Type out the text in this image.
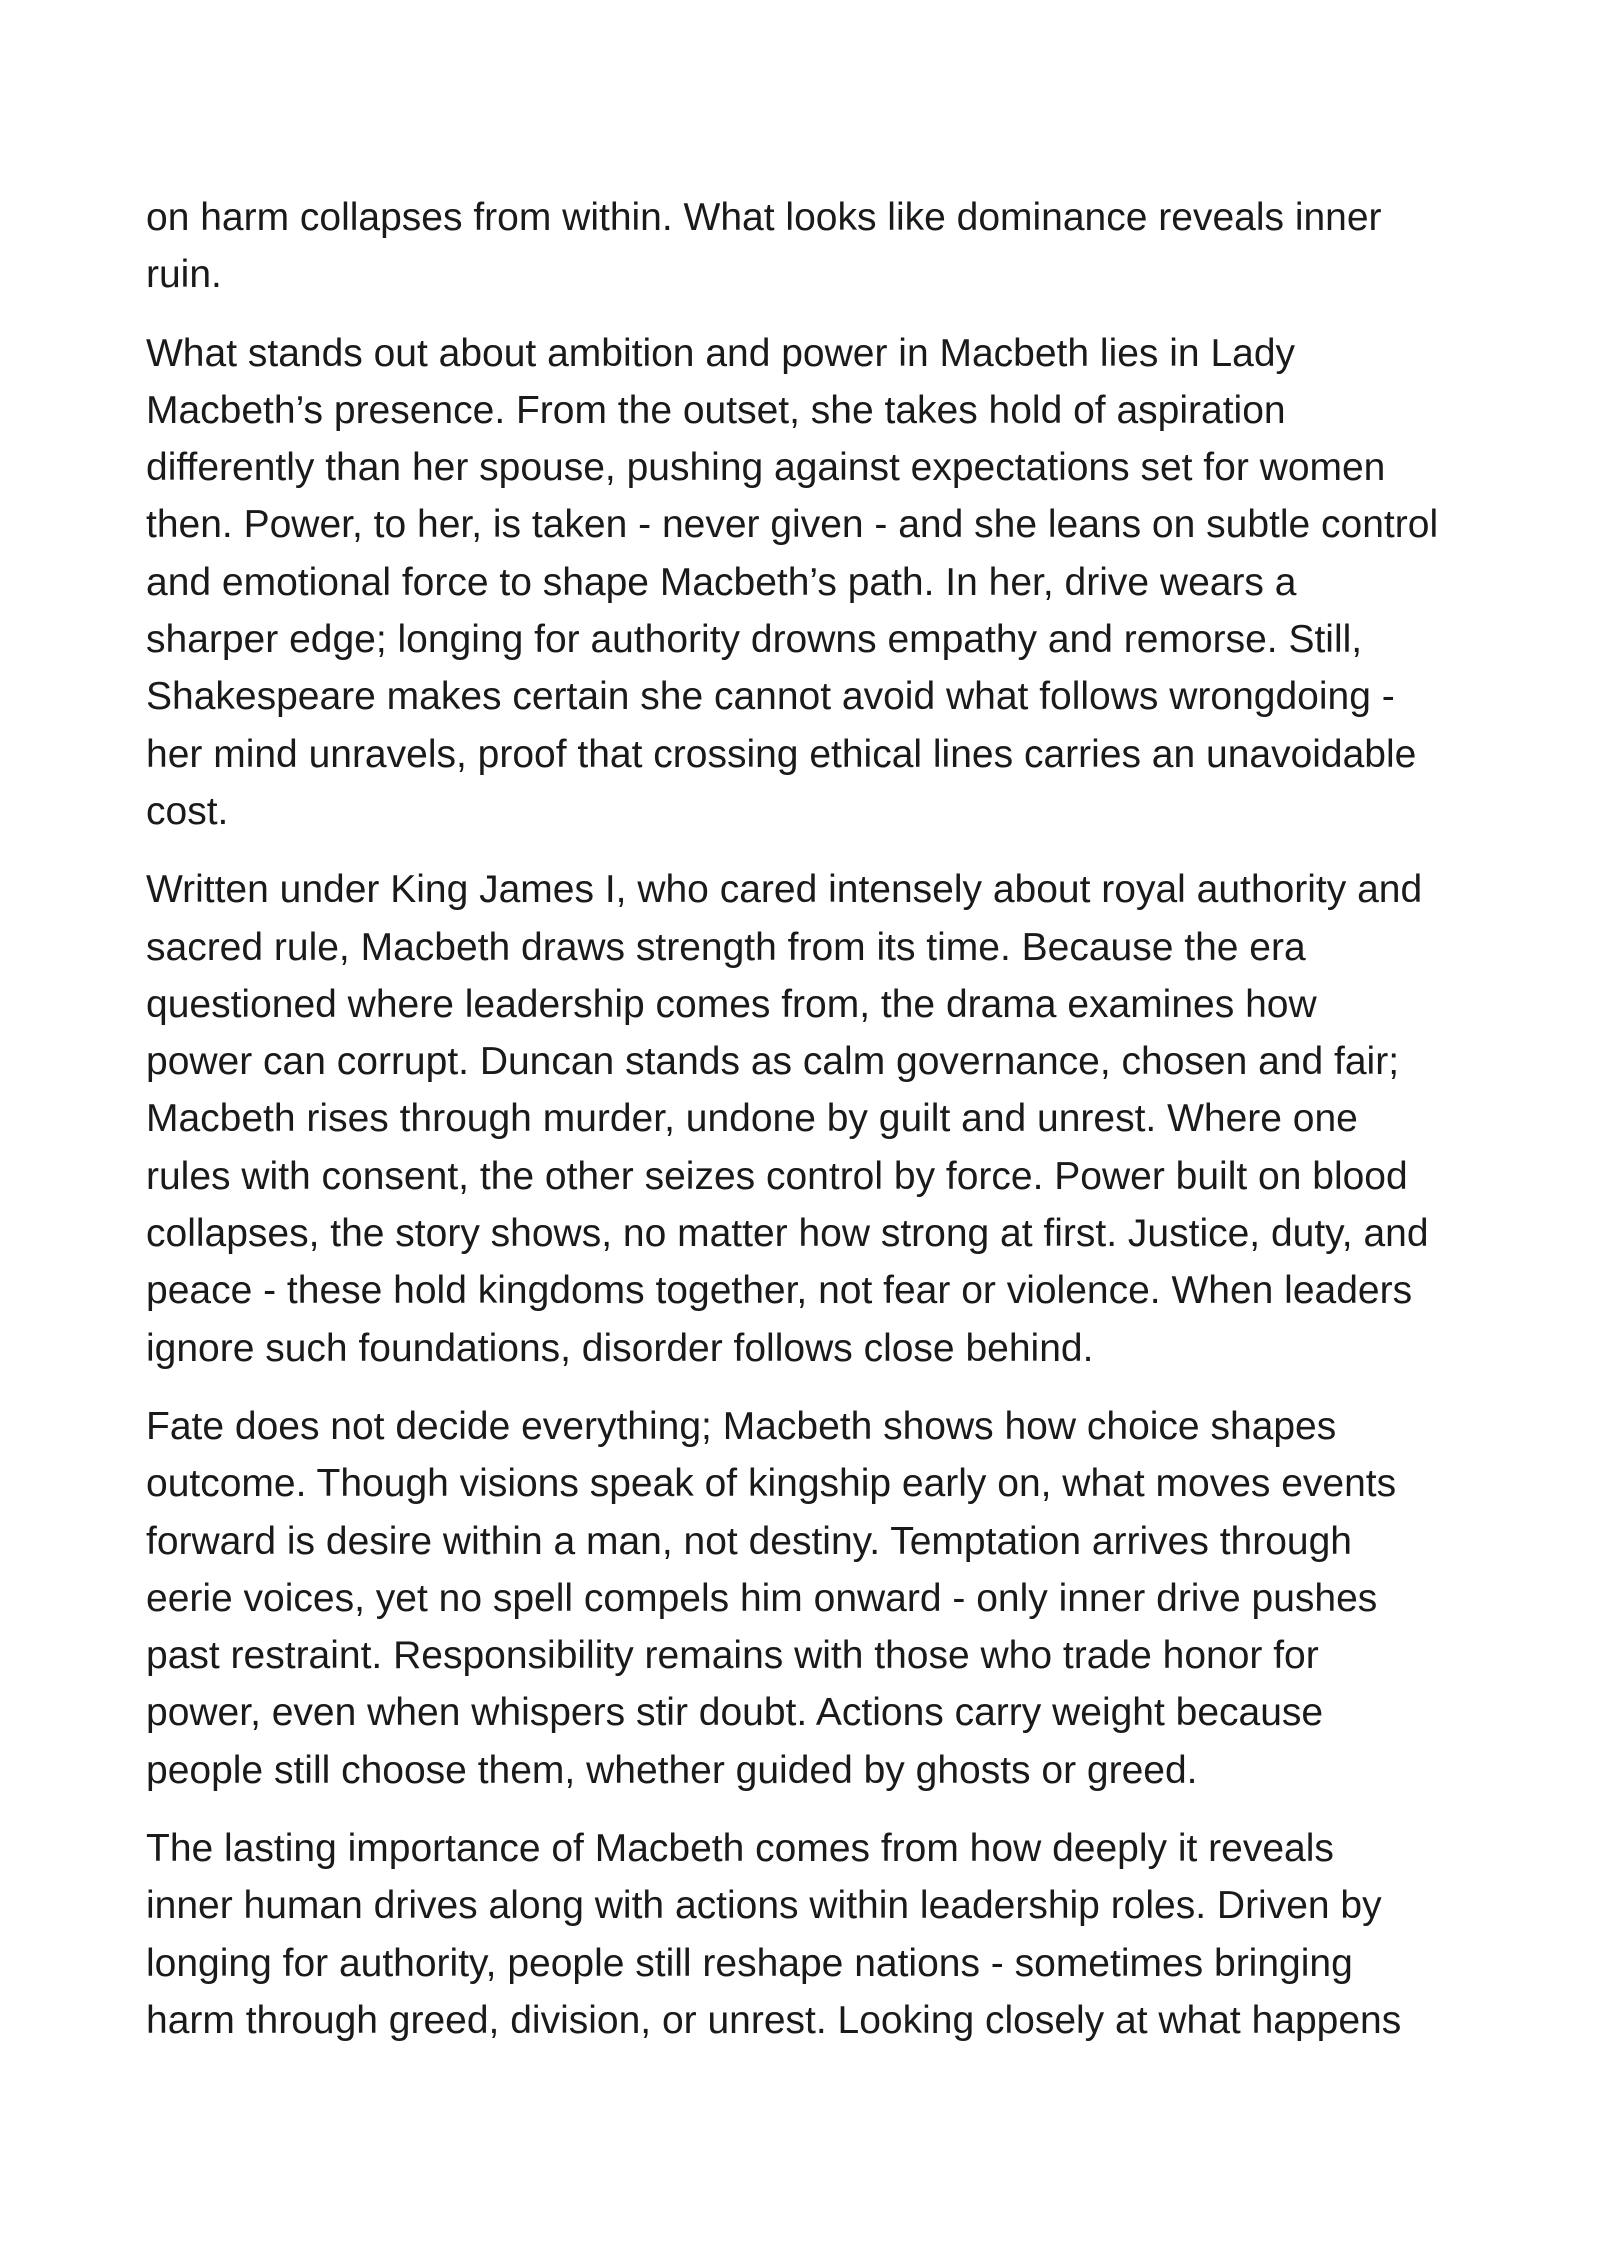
on harm collapses from within. What looks like dominance reveals inner
ruin.

What stands out about ambition and power in Macbeth lies in Lady
Macbeth’s presence. From the outset, she takes hold of aspiration
differently than her spouse, pushing against expectations set for women
then. Power, to her, is taken - never given - and she leans on subtle control
and emotional force to shape Macbeth’s path. In her, drive wears a
sharper edge; longing for authority drowns empathy and remorse. Still,
Shakespeare makes certain she cannot avoid what follows wrongdoing -
her mind unravels, proof that crossing ethical lines carries an unavoidable
cost.

Written under King James I, who cared intensely about royal authority and
sacred rule, Macbeth draws strength from its time. Because the era
questioned where leadership comes from, the drama examines how
power can corrupt. Duncan stands as calm governance, chosen and fair;
Macbeth rises through murder, undone by guilt and unrest. Where one
rules with consent, the other seizes control by force. Power built on blood
collapses, the story shows, no matter how strong at first. Justice, duty, and
peace - these hold kingdoms together, not fear or violence. When leaders
ignore such foundations, disorder follows close behind.

Fate does not decide everything; Macbeth shows how choice shapes
outcome. Though visions speak of kingship early on, what moves events
forward is desire within a man, not destiny. Temptation arrives through
eerie voices, yet no spell compels him onward - only inner drive pushes
past restraint. Responsibility remains with those who trade honor for
power, even when whispers stir doubt. Actions carry weight because
people still choose them, whether guided by ghosts or greed.

The lasting importance of Macbeth comes from how deeply it reveals
inner human drives along with actions within leadership roles. Driven by
longing for authority, people still reshape nations - sometimes bringing
harm through greed, division, or unrest. Looking closely at what happens
